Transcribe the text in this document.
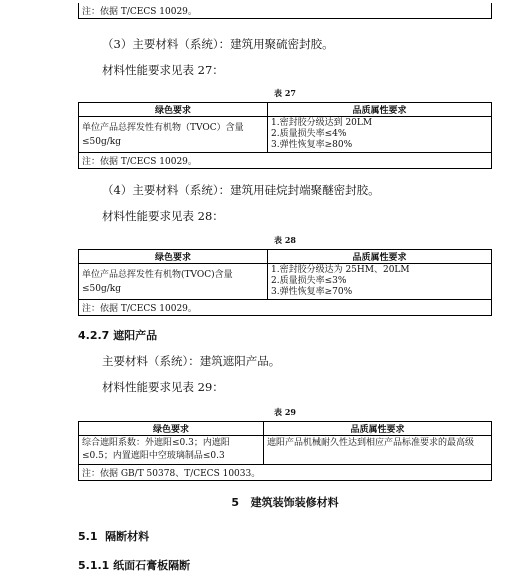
注：依据 T/CECS 10029。
（3）主要材料（系统）：建筑用聚硫密封胶。
材料性能要求见表 27：
表 27
绿色要求	品质属性要求
单位产品总挥发性有机物（TVOC）含量≤50g/kg	1.密封胶分级达到 20LM
2.质量损失率≤4%
3.弹性恢复率≥80%

注：依据 T/CECS 10029。	
（4）主要材料（系统）：建筑用硅烷封端聚醚密封胶。
材料性能要求见表 28：
表 28
绿色要求	品质属性要求
单位产品总挥发性有机物(TVOC)含量≤50g/kg	1.密封胶分级达为 25HM、20LM
2.质量损失率≤3%
3.弹性恢复率≥70%

注：依据 T/CECS 10029。	
4.2.7 遮阳产品
主要材料（系统）：建筑遮阳产品。
材料性能要求见表 29：
表 29
绿色要求	品质属性要求
综合遮阳系数：外遮阳≤0.3；内遮阳≤0.5；内置遮阳中空玻璃制品≤0.3	遮阳产品机械耐久性达到相应产品标准要求的最高级
注：依据 GB/T 50378、T/CECS 10033。	
5   建筑装饰装修材料
5.1  隔断材料
5.1.1 纸面石膏板隔断
